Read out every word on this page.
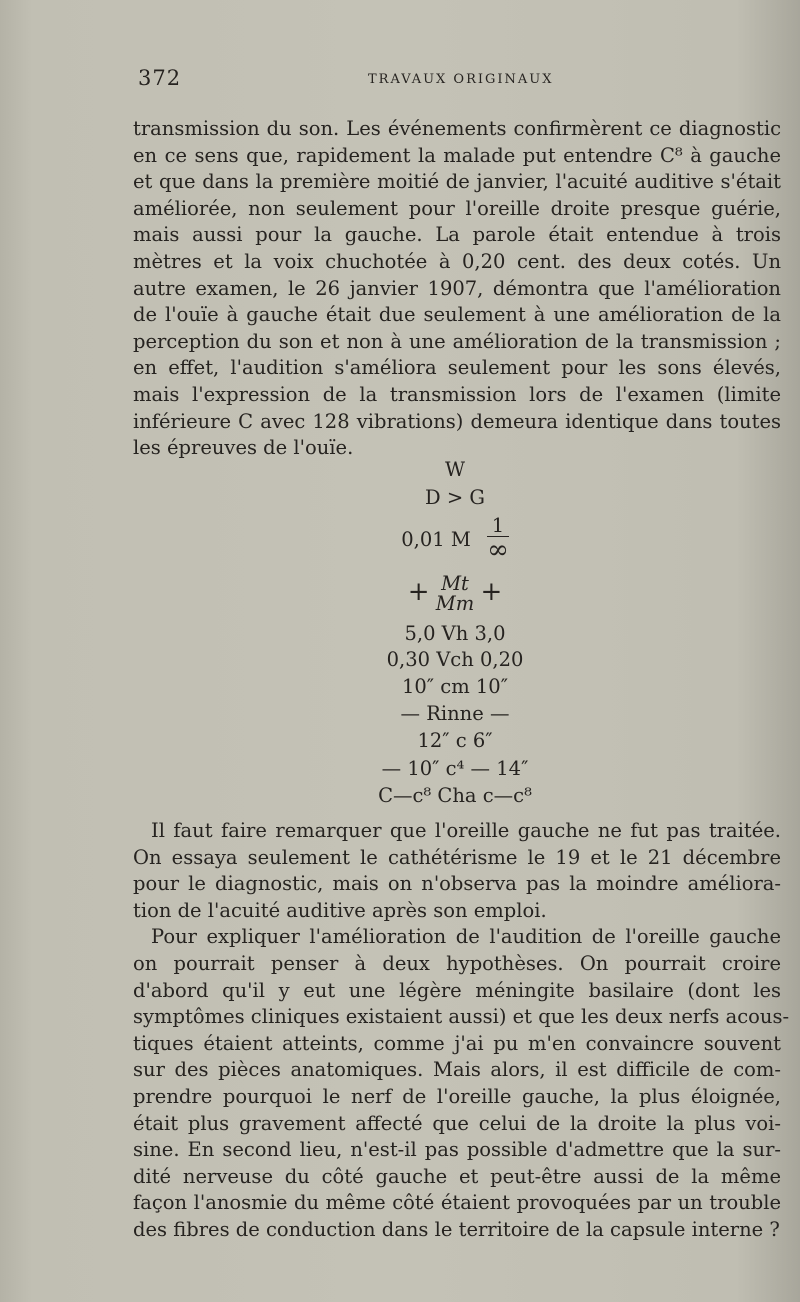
372	TRAVAUX ORIGINAUX
transmission du son. Les événements confirmèrent ce diagnostic
en ce sens que, rapidement la malade put entendre C⁸ à gauche
et que dans la première moitié de janvier, l'acuité auditive s'était
améliorée, non seulement pour l'oreille droite presque guérie,
mais aussi pour la gauche. La parole était entendue à trois
mètres et la voix chuchotée à 0,20 cent. des deux cotés. Un
autre examen, le 26 janvier 1907, démontra que l'amélioration
de l'ouïe à gauche était due seulement à une amélioration de la
perception du son et non à une amélioration de la transmission ;
en effet, l'audition s'améliora seulement pour les sons élevés,
mais l'expression de la transmission lors de l'examen (limite
inférieure C avec 128 vibrations) demeura identique dans toutes
les épreuves de l'ouïe.
W
D > G
0,01 M $\frac{1}{\infty}$
+ Mt
Mm +
5,0 Vh 3,0
0,30 Vch 0,20
10″ cm 10″
— Rinne —
12″ c 6″
— 10″ c⁴ — 14″
C—c⁸ Cha c—c⁸
Il faut faire remarquer que l'oreille gauche ne fut pas traitée.
On essaya seulement le cathétérisme le 19 et le 21 décembre
pour le diagnostic, mais on n'observa pas la moindre améliora-
tion de l'acuité auditive après son emploi.
Pour expliquer l'amélioration de l'audition de l'oreille gauche
on pourrait penser à deux hypothèses. On pourrait croire
d'abord qu'il y eut une légère méningite basilaire (dont les
symptômes cliniques existaient aussi) et que les deux nerfs acous-
tiques étaient atteints, comme j'ai pu m'en convaincre souvent
sur des pièces anatomiques. Mais alors, il est difficile de com-
prendre pourquoi le nerf de l'oreille gauche, la plus éloignée,
était plus gravement affecté que celui de la droite la plus voi-
sine. En second lieu, n'est-il pas possible d'admettre que la sur-
dité nerveuse du côté gauche et peut-être aussi de la même
façon l'anosmie du même côté étaient provoquées par un trouble
des fibres de conduction dans le territoire de la capsule interne ?
